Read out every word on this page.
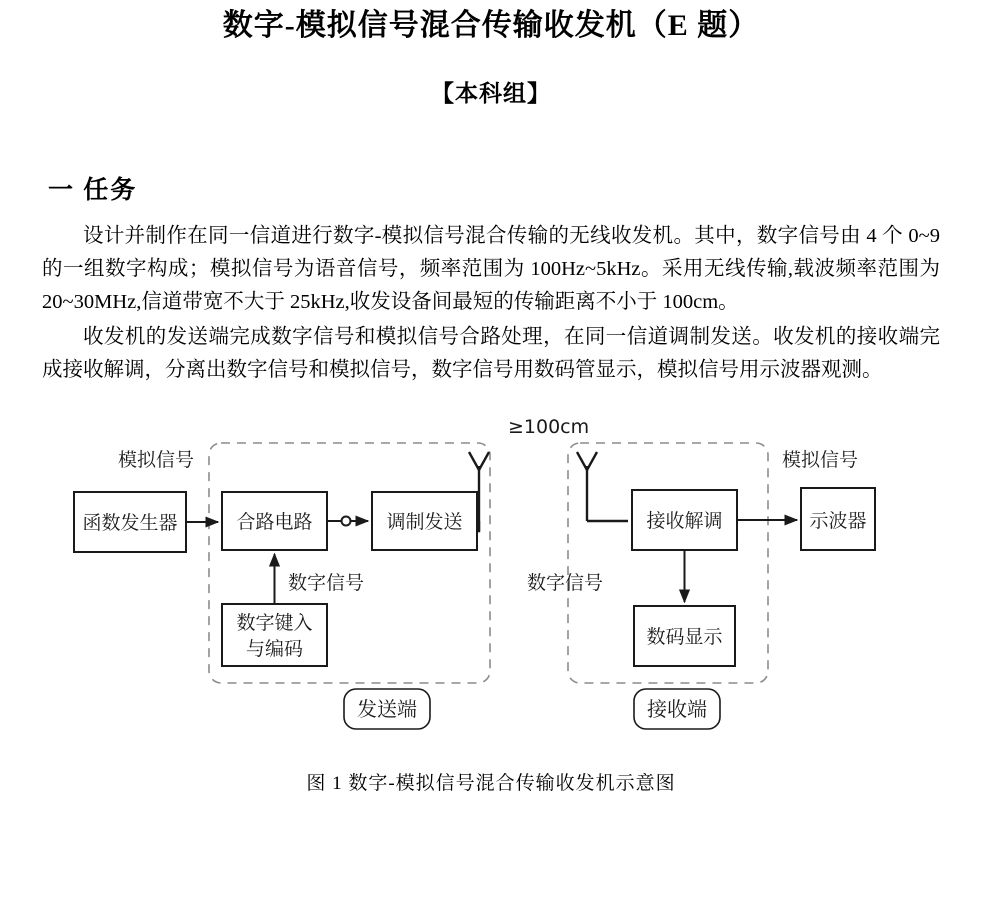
数字-模拟信号混合传输收发机（E 题）
【本科组】
一 任务

设计并制作在同一信道进行数字-模拟信号混合传输的无线收发机。其中，数字信号由 4 个 0~9 的一组数字构成；模拟信号为语音信号，频率范围为 100Hz~5kHz。采用无线传输,载波频率范围为 20~30MHz,信道带宽不大于 25kHz,收发设备间最短的传输距离不小于 100cm。

收发机的发送端完成数字信号和模拟信号合路处理，在同一信道调制发送。收发机的接收端完成接收解调，分离出数字信号和模拟信号，数字信号用数码管显示，模拟信号用示波器观测。

≥100cm
模拟信号
函数发生器	合路电路	调制发送
数字信号
数字键入
与编码
接收解调
模拟信号
示波器
数字信号
数码显示
发送端	接收端
图 1 数字-模拟信号混合传输收发机示意图
